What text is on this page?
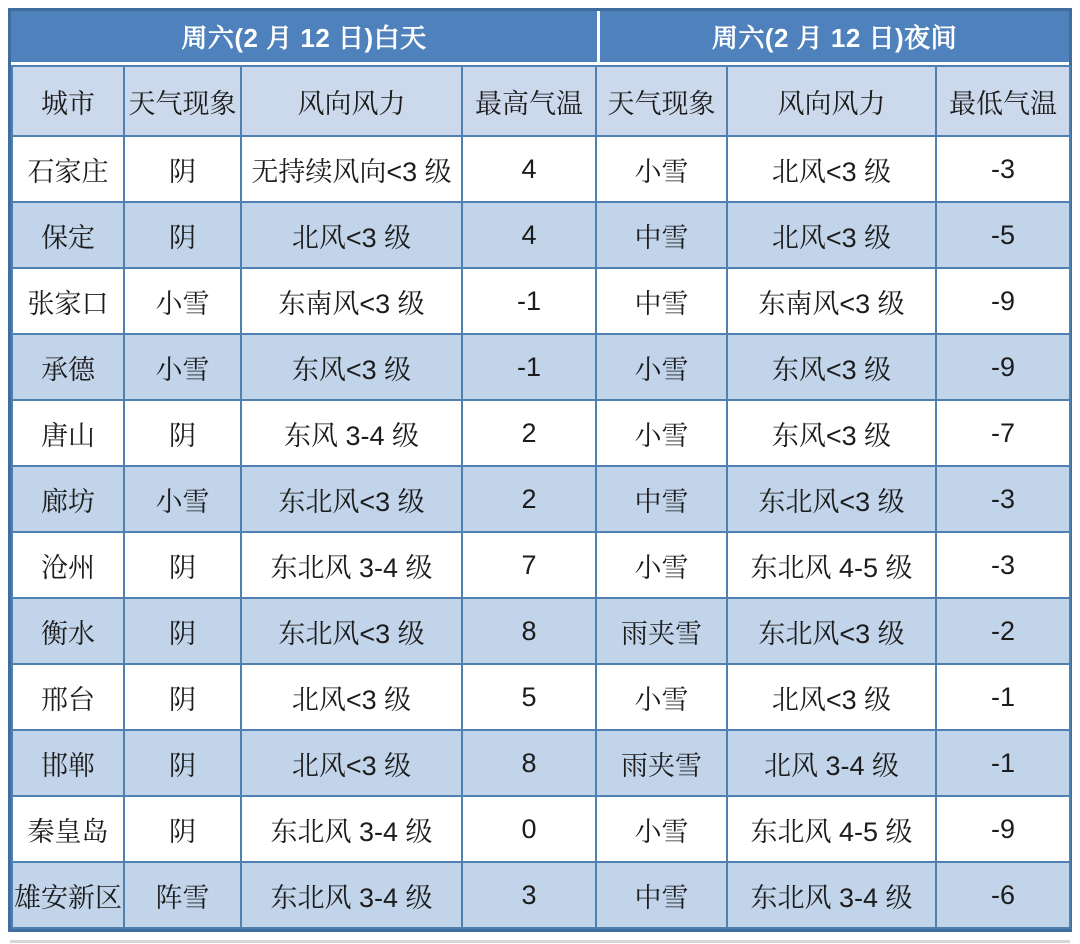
周六(2 月 12 日)白天	周六(2 月 12 日)夜间
城市	天气现象	风向风力	最高气温	天气现象	风向风力	最低气温
石家庄	阴	无持续风向<3 级	4	小雪	北风<3 级	-3
保定	阴	北风<3 级	4	中雪	北风<3 级	-5
张家口	小雪	东南风<3 级	-1	中雪	东南风<3 级	-9
承德	小雪	东风<3 级	-1	小雪	东风<3 级	-9
唐山	阴	东风 3-4 级	2	小雪	东风<3 级	-7
廊坊	小雪	东北风<3 级	2	中雪	东北风<3 级	-3
沧州	阴	东北风 3-4 级	7	小雪	东北风 4-5 级	-3
衡水	阴	东北风<3 级	8	雨夹雪	东北风<3 级	-2
邢台	阴	北风<3 级	5	小雪	北风<3 级	-1
邯郸	阴	北风<3 级	8	雨夹雪	北风 3-4 级	-1
秦皇岛	阴	东北风 3-4 级	0	小雪	东北风 4-5 级	-9
雄安新区	阵雪	东北风 3-4 级	3	中雪	东北风 3-4 级	-6
